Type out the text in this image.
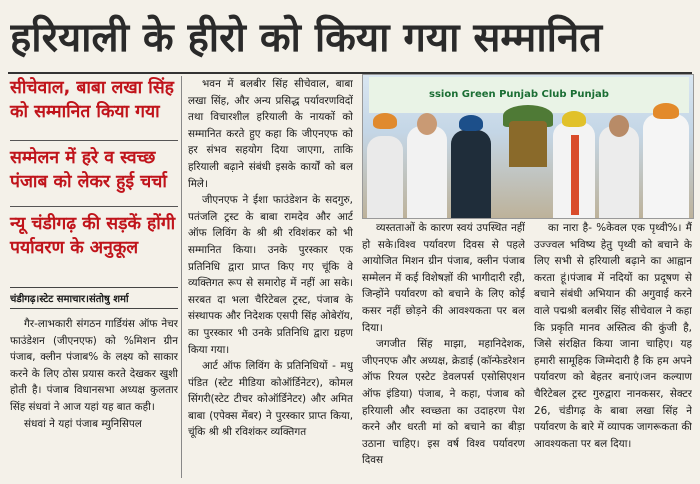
हरियाली के हीरो को किया गया सम्मानित
सीचेवाल, बाबा लखा सिंह को सम्मानित किया गया
सम्मेलन में हरे व स्वच्छ पंजाब को लेकर हुई चर्चा
न्यू चंडीगढ़ की सड़कें होंगी पर्यावरण के अनुकूल

चंडीगढ़।स्टेट समाचार।संतोषु शर्मा

गैर-लाभकारी संगठन गार्डियंस ऑफ नेचर फाउंडेशन (जीएनएफ) को %मिशन ग्रीन पंजाब, क्लीन पंजाब% के लक्ष्य को साकार करने के लिए ठोस प्रयास करते देखकर खुशी होती है। पंजाब विधानसभा अध्यक्ष कुलतार सिंह संधवां ने आज यहां यह बात कही।

संधवां ने यहां पंजाब म्युनिसिपल

भवन में बलबीर सिंह सीचेवाल, बाबा लखा सिंह, और अन्य प्रसिद्ध पर्यावरणविदों तथा विचारशील हरियाली के नायकों को सम्मानित करते हुए कहा कि जीएनएफ को हर संभव सहयोग दिया जाएगा, ताकि हरियाली बढ़ाने संबंधी इसके कार्यों को बल मिले।

जीएनएफ ने ईशा फाउंडेशन के सदगुरु, पतंजलि ट्रस्ट के बाबा रामदेव और आर्ट ऑफ लिविंग के श्री श्री रविशंकर को भी सम्मानित किया। उनके पुरस्कार एक प्रतिनिधि द्वारा प्राप्त किए गए चूंकि वे व्यक्तिगत रूप से समारोह में नहीं आ सके। सरबत दा भला चैरिटेबल ट्रस्ट, पंजाब के संस्थापक और निदेशक एसपी सिंह ओबेरॉय, का पुरस्कार भी उनके प्रतिनिधि द्वारा ग्रहण किया गया।

आर्ट ऑफ लिविंग के प्रतिनिधियों - मधु पंडित (स्टेट मीडिया कोऑर्डिनेटर), कोमल सिंगरी(स्टेट टीचर कोऑर्डिनेटर) और अमित बाबा (एपेक्स मेंबर) ने पुरस्कार प्राप्त किया, चूंकि श्री श्री रविशंकर व्यक्तिगत

ssion Green Punjab Club Punjab

व्यस्तताओं के कारण स्वयं उपस्थित नहीं हो सके।विश्व पर्यावरण दिवस से पहले आयोजित मिशन ग्रीन पंजाब, क्लीन पंजाब सम्मेलन में कई विशेषज्ञों की भागीदारी रही, जिन्होंने पर्यावरण को बचाने के लिए कोई कसर नहीं छोड़ने की आवश्यकता पर बल दिया।

जगजीत सिंह माझा, महानिदेशक, जीएनएफ और अध्यक्ष, क्रेडाई (कॉन्फेडरेशन ऑफ रियल एस्टेट डेवलपर्स एसोसिएशन ऑफ इंडिया) पंजाब, ने कहा, पंजाब को हरियाली और स्वच्छता का उदाहरण पेश करने और धरती मां को बचाने का बीड़ा उठाना चाहिए। इस वर्ष विश्व पर्यावरण दिवस

का नारा है- %केवल एक पृथ्वी%। मैं उज्ज्वल भविष्य हेतु पृथ्वी को बचाने के लिए सभी से हरियाली बढ़ाने का आह्वान करता हूं।पंजाब में नदियों का प्रदूषण से बचाने संबंधी अभियान की अगुवाई करने वाले पद्मश्री बलबीर सिंह सीचेवाल ने कहा कि प्रकृति मानव अस्तित्व की कुंजी है, जिसे संरक्षित किया जाना चाहिए। यह हमारी सामूहिक जिम्मेदारी है कि हम अपने पर्यावरण को बेहतर बनाएं।जन कल्याण चैरिटेबल ट्रस्ट गुरुद्वारा नानकसर, सेक्टर 26, चंडीगढ़ के बाबा लखा सिंह ने पर्यावरण के बारे में व्यापक जागरूकता की आवश्यकता पर बल दिया।
